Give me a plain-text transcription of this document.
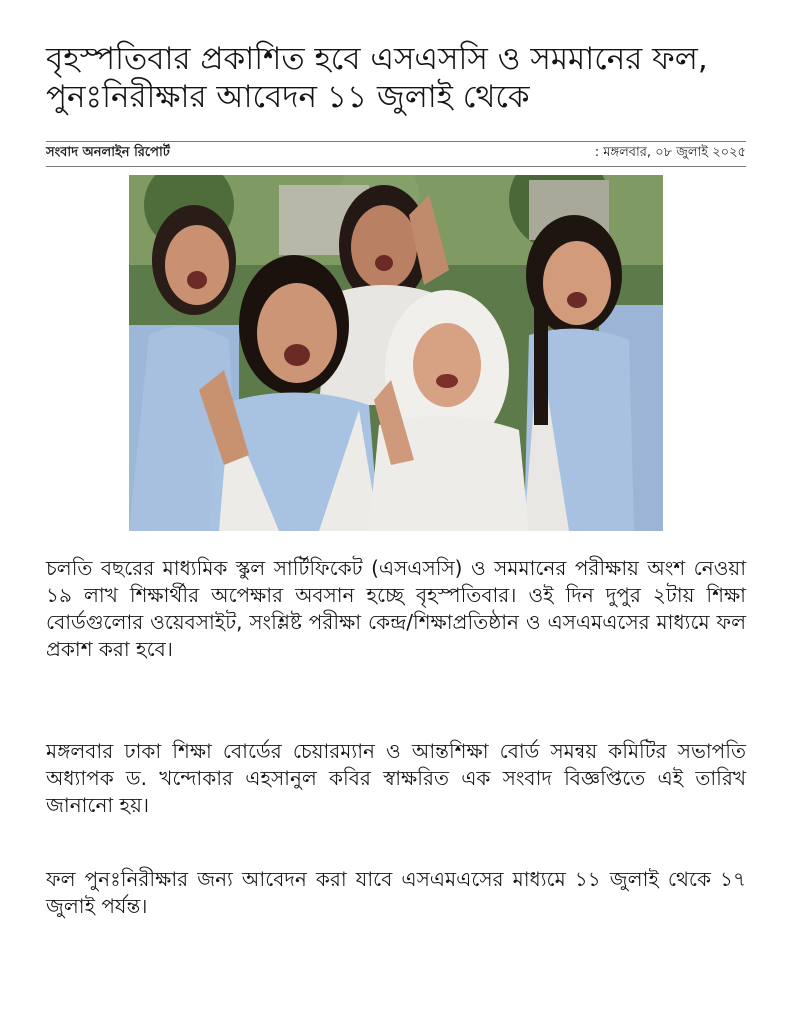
বৃহস্পতিবার প্রকাশিত হবে এসএসসি ও সমমানের ফল,
পুনঃনিরীক্ষার আবেদন ১১ জুলাই থেকে
সংবাদ অনলাইন রিপোর্ট	: মঙ্গলবার, ০৮ জুলাই ২০২৫

চলতি বছরের মাধ্যমিক স্কুল সার্টিফিকেট (এসএসসি) ও সমমানের পরীক্ষায় অংশ নেওয়া ১৯ লাখ শিক্ষার্থীর অপেক্ষার অবসান হচ্ছে বৃহস্পতিবার। ওই দিন দুপুর ২টায় শিক্ষা বোর্ডগুলোর ওয়েবসাইট, সংশ্লিষ্ট পরীক্ষা কেন্দ্র/শিক্ষাপ্রতিষ্ঠান ও এসএমএসের মাধ্যমে ফল প্রকাশ করা হবে।

মঙ্গলবার ঢাকা শিক্ষা বোর্ডের চেয়ারম্যান ও আন্তশিক্ষা বোর্ড সমন্বয় কমিটির সভাপতি অধ্যাপক ড. খন্দোকার এহসানুল কবির স্বাক্ষরিত এক সংবাদ বিজ্ঞপ্তিতে এই তারিখ জানানো হয়।

ফল পুনঃনিরীক্ষার জন্য আবেদন করা যাবে এসএমএসের মাধ্যমে ১১ জুলাই থেকে ১৭ জুলাই পর্যন্ত।
